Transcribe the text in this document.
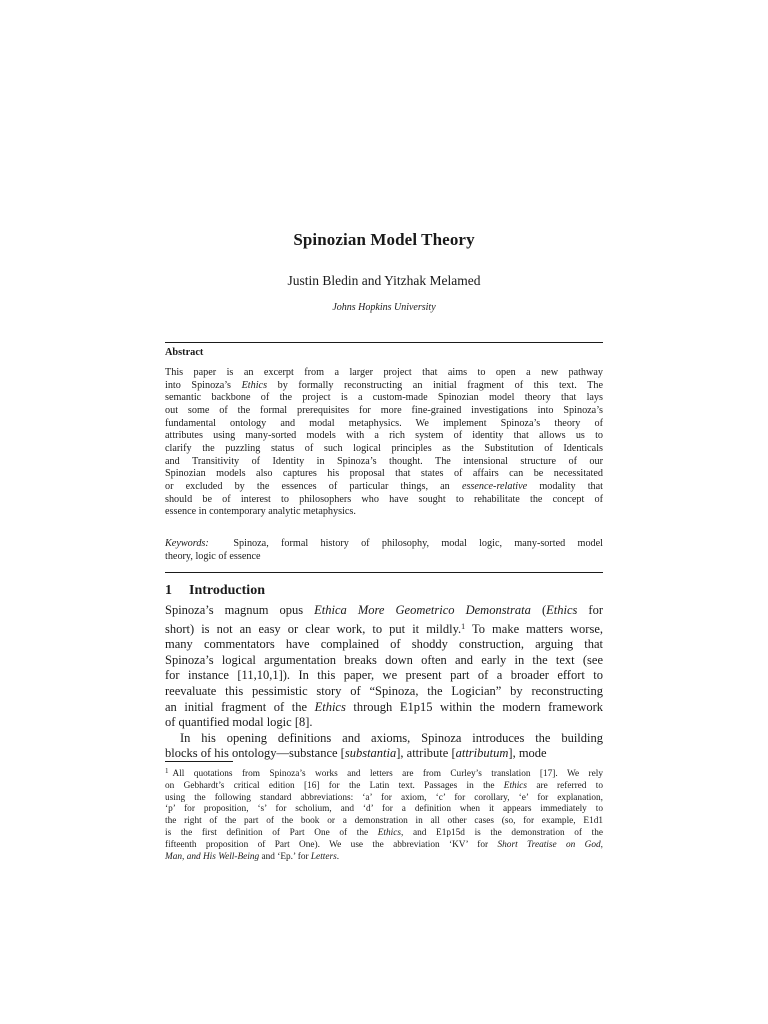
Spinozian Model Theory
Justin Bledin and Yitzhak Melamed
Johns Hopkins University
Abstract
This paper is an excerpt from a larger project that aims to open a new pathway
into Spinoza’s Ethics by formally reconstructing an initial fragment of this text. The
semantic backbone of the project is a custom-made Spinozian model theory that lays
out some of the formal prerequisites for more fine-grained investigations into Spinoza’s
fundamental ontology and modal metaphysics. We implement Spinoza’s theory of
attributes using many-sorted models with a rich system of identity that allows us to
clarify the puzzling status of such logical principles as the Substitution of Identicals
and Transitivity of Identity in Spinoza’s thought. The intensional structure of our
Spinozian models also captures his proposal that states of affairs can be necessitated
or excluded by the essences of particular things, an essence-relative modality that
should be of interest to philosophers who have sought to rehabilitate the concept of
essence in contemporary analytic metaphysics.
Keywords: Spinoza, formal history of philosophy, modal logic, many-sorted model
theory, logic of essence
1 Introduction
Spinoza’s magnum opus Ethica More Geometrico Demonstrata (Ethics for
short) is not an easy or clear work, to put it mildly.$^1$ To make matters worse,
many commentators have complained of shoddy construction, arguing that
Spinoza’s logical argumentation breaks down often and early in the text (see
for instance [11,10,1]). In this paper, we present part of a broader effort to
reevaluate this pessimistic story of “Spinoza, the Logician” by reconstructing
an initial fragment of the Ethics through E1p15 within the modern framework
of quantified modal logic [8].
In his opening definitions and axioms, Spinoza introduces the building
blocks of his ontology—substance [substantia], attribute [attributum], mode
$^1$ All quotations from Spinoza’s works and letters are from Curley’s translation [17]. We rely
on Gebhardt’s critical edition [16] for the Latin text. Passages in the Ethics are referred to
using the following standard abbreviations: ‘a’ for axiom, ‘c’ for corollary, ‘e’ for explanation,
‘p’ for proposition, ‘s’ for scholium, and ‘d’ for a definition when it appears immediately to
the right of the part of the book or a demonstration in all other cases (so, for example, E1d1
is the first definition of Part One of the Ethics, and E1p15d is the demonstration of the
fifteenth proposition of Part One). We use the abbreviation ‘KV’ for Short Treatise on God,
Man, and His Well-Being and ‘Ep.’ for Letters.
